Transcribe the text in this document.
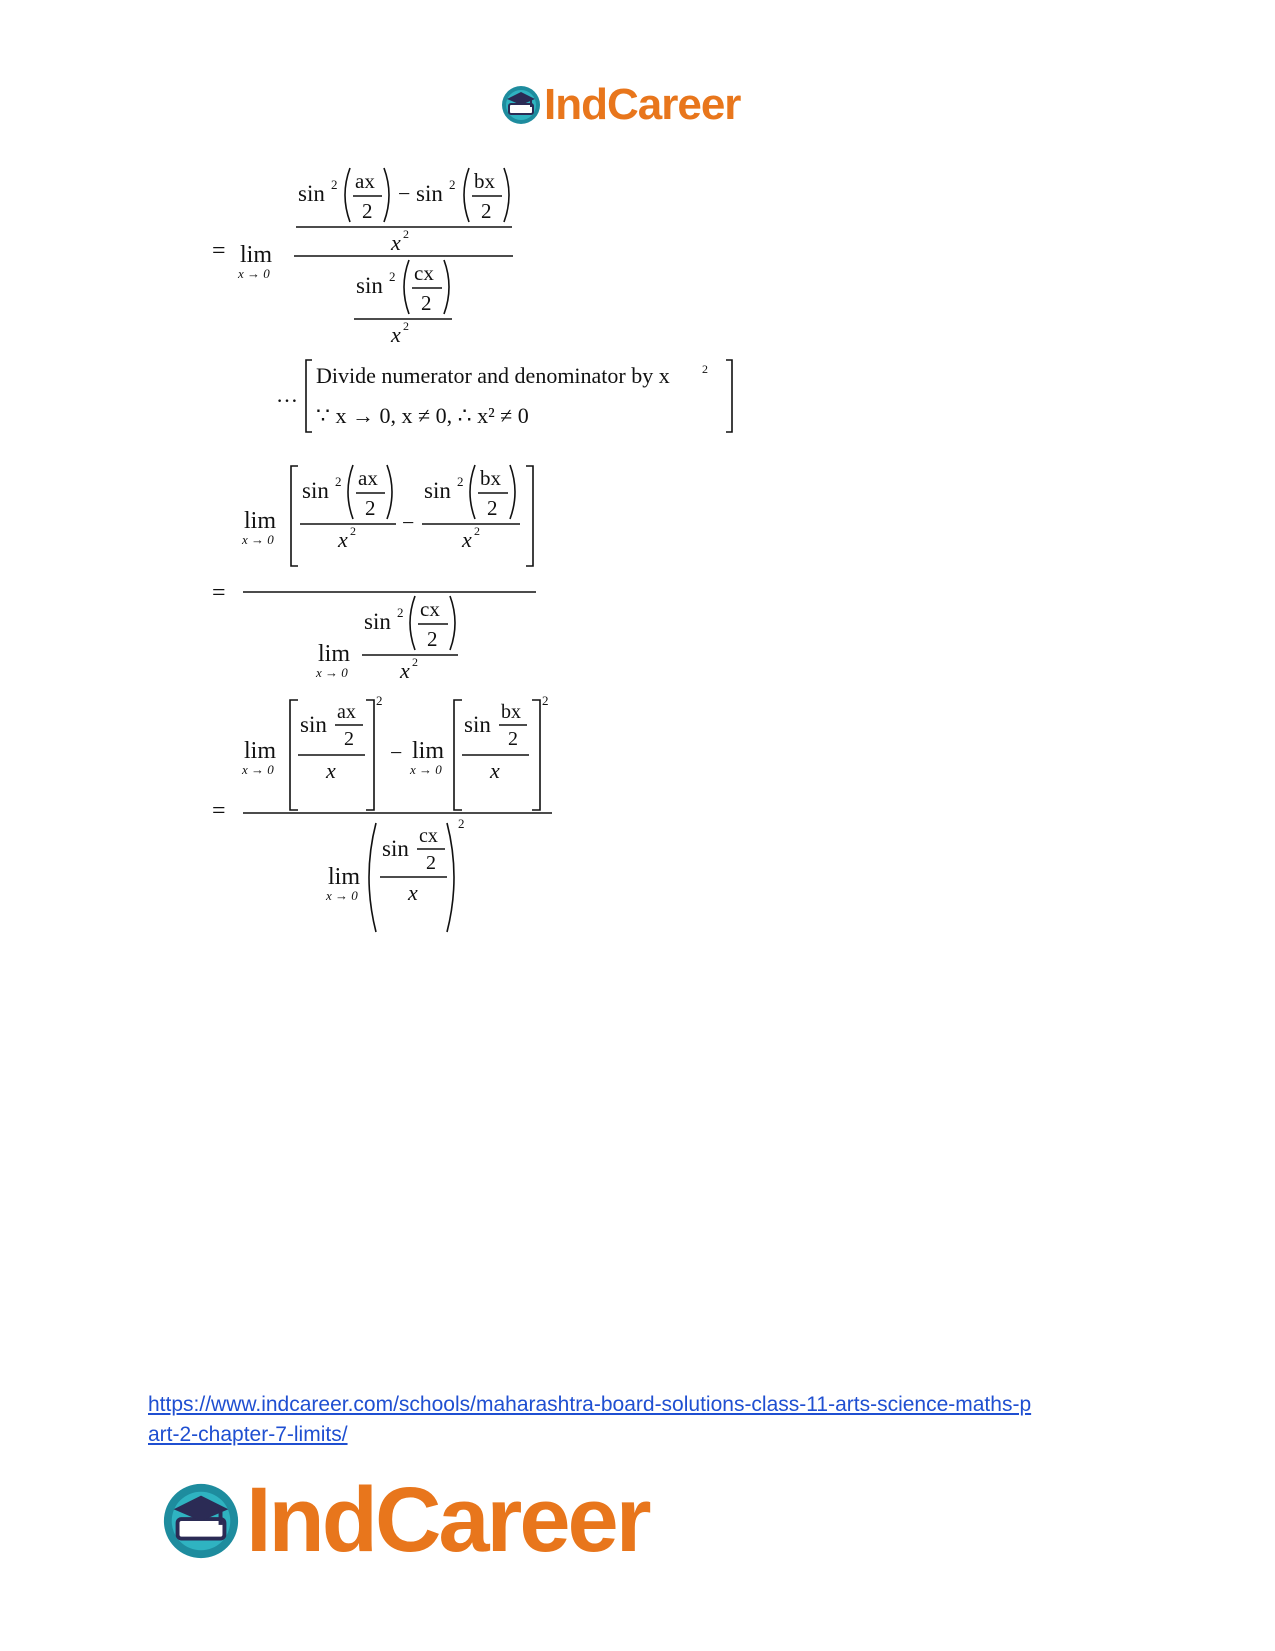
IndCareer
= lim
x → 0
sin 2 ax
2
− sin 2 bx
2
x 2
sin 2 cx
2
x 2
…
Divide numerator and denominator by x	2
∵ x → 0, x ≠ 0, ∴ x² ≠ 0
lim
x → 0
sin 2 ax
2
x 2 −
sin 2 bx
2
x 2
=
lim
x → 0
sin 2 cx
2
x 2
lim
x → 0
sin ax
2
x
2
− lim
x → 0
sin bx
2
x
2
=
lim
x → 0
sin cx
2
x
2
https://www.indcareer.com/schools/maharashtra-board-solutions-class-11-arts-science-maths-p
art-2-chapter-7-limits/
IndCareer
